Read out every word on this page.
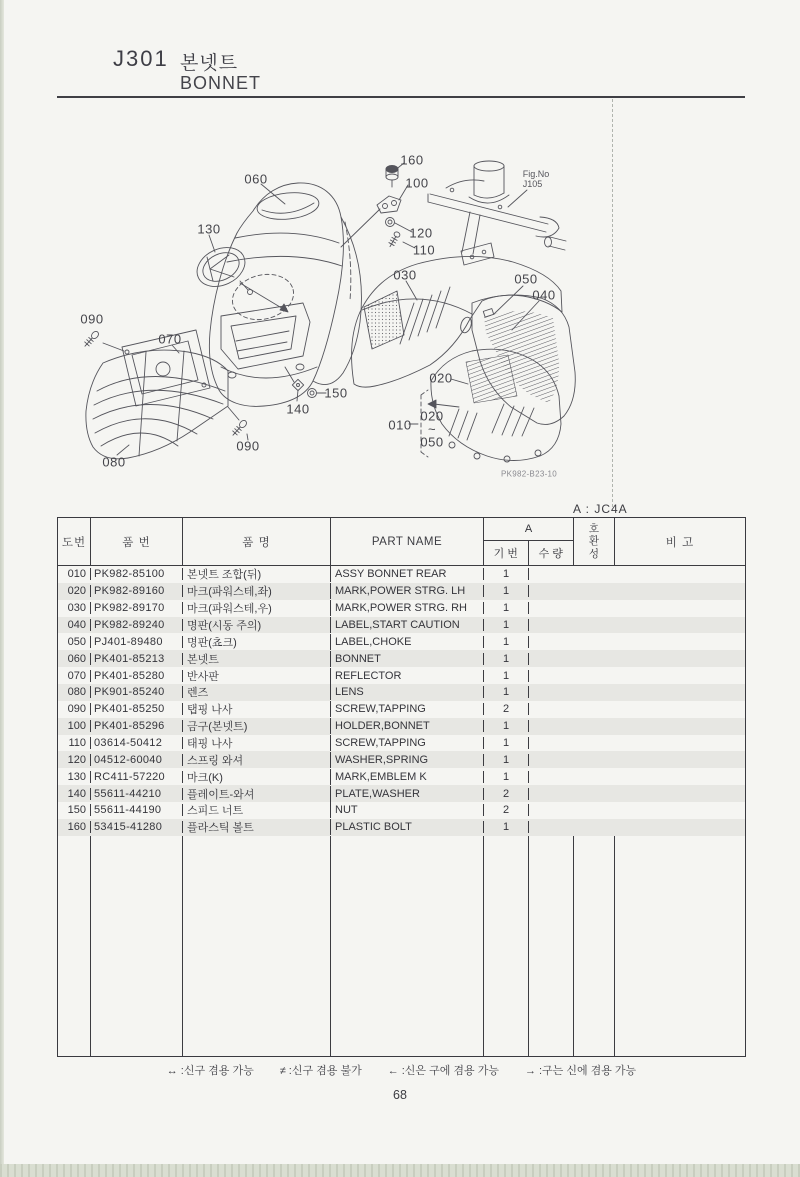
J301 본넷트
BONNET
160
100
060
130	120
110
030	050
040
090
070
020
150
140
010
020
~
050
090
080
Fig.No
J105
PK982-B23-10
A : JC4A
도번	품 번	품 명	PART NAME
A
기 번	수 량
호환성
비 고
010 PK982-85100	본넷트 조합(뒤)	ASSY BONNET REAR	1
020 PK982-89160	마크(파워스테,좌)	MARK,POWER STRG. LH	1
030 PK982-89170	마크(파워스테,우)	MARK,POWER STRG. RH	1
040 PK982-89240	명판(시동 주의)	LABEL,START CAUTION	1
050 PJ401-89480	명판(쵸크)	LABEL,CHOKE	1
060 PK401-85213	본넷트	BONNET	1
070 PK401-85280	반사판	REFLECTOR	1
080 PK901-85240	렌즈	LENS	1
090 PK401-85250	탭핑 나사	SCREW,TAPPING	2
100 PK401-85296	금구(본넷트)	HOLDER,BONNET	1
110 03614-50412	태핑 나사	SCREW,TAPPING	1
120 04512-60040	스프링 와셔	WASHER,SPRING	1
130 RC411-57220	마크(K)	MARK,EMBLEM K	1
140 55611-44210	플레이트-와셔	PLATE,WASHER	2
150 55611-44190	스피드 너트	NUT	2
160 53415-41280	플라스틱 볼트	PLASTIC BOLT	1
↔ :신구 겸용 가능 ≠ :신구 겸용 불가 ← :신은 구에 겸용 가능 → :구는 신에 겸용 가능
68
